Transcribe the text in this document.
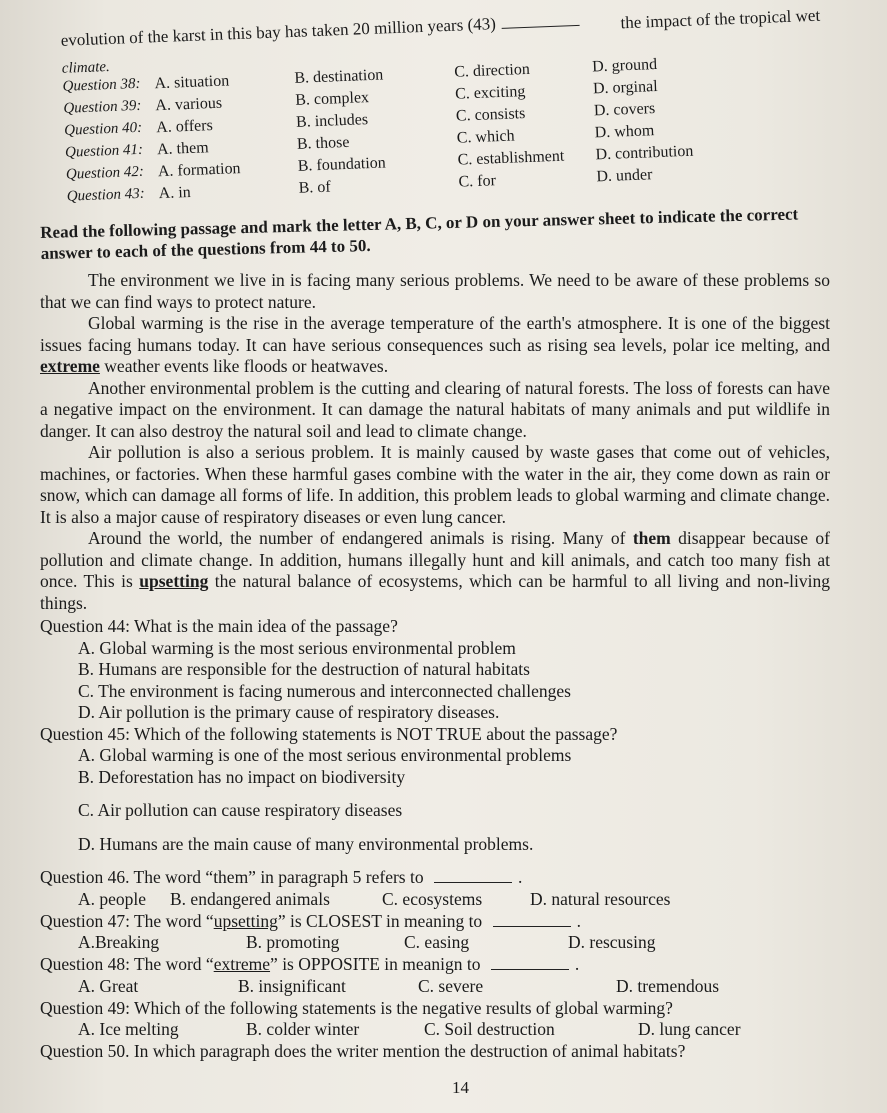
evolution of the karst in this bay has taken 20 million years (43)	the impact of the tropical wet
climate.
Question 38: A. situation	B. destination	C. direction	D. ground
Question 39: A. various	B. complex	C. exciting	D. orginal
Question 40: A. offers	B. includes	C. consists	D. covers
Question 41: A. them	B. those	C. which	D. whom
Question 42: A. formation	B. foundation	C. establishment D. contribution
Question 43: A. in	B. of	C. for	D. under

Read the following passage and mark the letter A, B, C, or D on your answer sheet to indicate the correct answer to each of the questions from 44 to 50.

The environment we live in is facing many serious problems. We need to be aware of these problems so that we can find ways to protect nature.

Global warming is the rise in the average temperature of the earth's atmosphere. It is one of the biggest issues facing humans today. It can have serious consequences such as rising sea levels, polar ice melting, and extreme weather events like floods or heatwaves.

Another environmental problem is the cutting and clearing of natural forests. The loss of forests can have a negative impact on the environment. It can damage the natural habitats of many animals and put wildlife in danger. It can also destroy the natural soil and lead to climate change.

Air pollution is also a serious problem. It is mainly caused by waste gases that come out of vehicles, machines, or factories. When these harmful gases combine with the water in the air, they come down as rain or snow, which can damage all forms of life. In addition, this problem leads to global warming and climate change. It is also a major cause of respiratory diseases or even lung cancer.

Around the world, the number of endangered animals is rising. Many of them disappear because of pollution and climate change. In addition, humans illegally hunt and kill animals, and catch too many fish at once. This is upsetting the natural balance of ecosystems, which can be harmful to all living and non-living things.

Question 44: What is the main idea of the passage?

A. Global warming is the most serious environmental problem

B. Humans are responsible for the destruction of natural habitats

C. The environment is facing numerous and interconnected challenges

D. Air pollution is the primary cause of respiratory diseases.

Question 45: Which of the following statements is NOT TRUE about the passage?

A. Global warming is one of the most serious environmental problems

B. Deforestation has no impact on biodiversity

C. Air pollution can cause respiratory diseases

D. Humans are the main cause of many environmental problems.

Question 46. The word “them” in paragraph 5 refers to	.

A. people B. endangered animals	C. ecosystems	D. natural resources

Question 47: The word “upsetting” is CLOSEST in meaning to	.

A.Breaking	B. promoting	C. easing	D. rescusing

Question 48: The word “extreme” is OPPOSITE in meanign to	.

A. Great	B. insignificant	C. severe	D. tremendous

Question 49: Which of the following statements is the negative results of global warming?

A. Ice melting	B. colder winter	C. Soil destruction	D. lung cancer

Question 50. In which paragraph does the writer mention the destruction of animal habitats?

14
